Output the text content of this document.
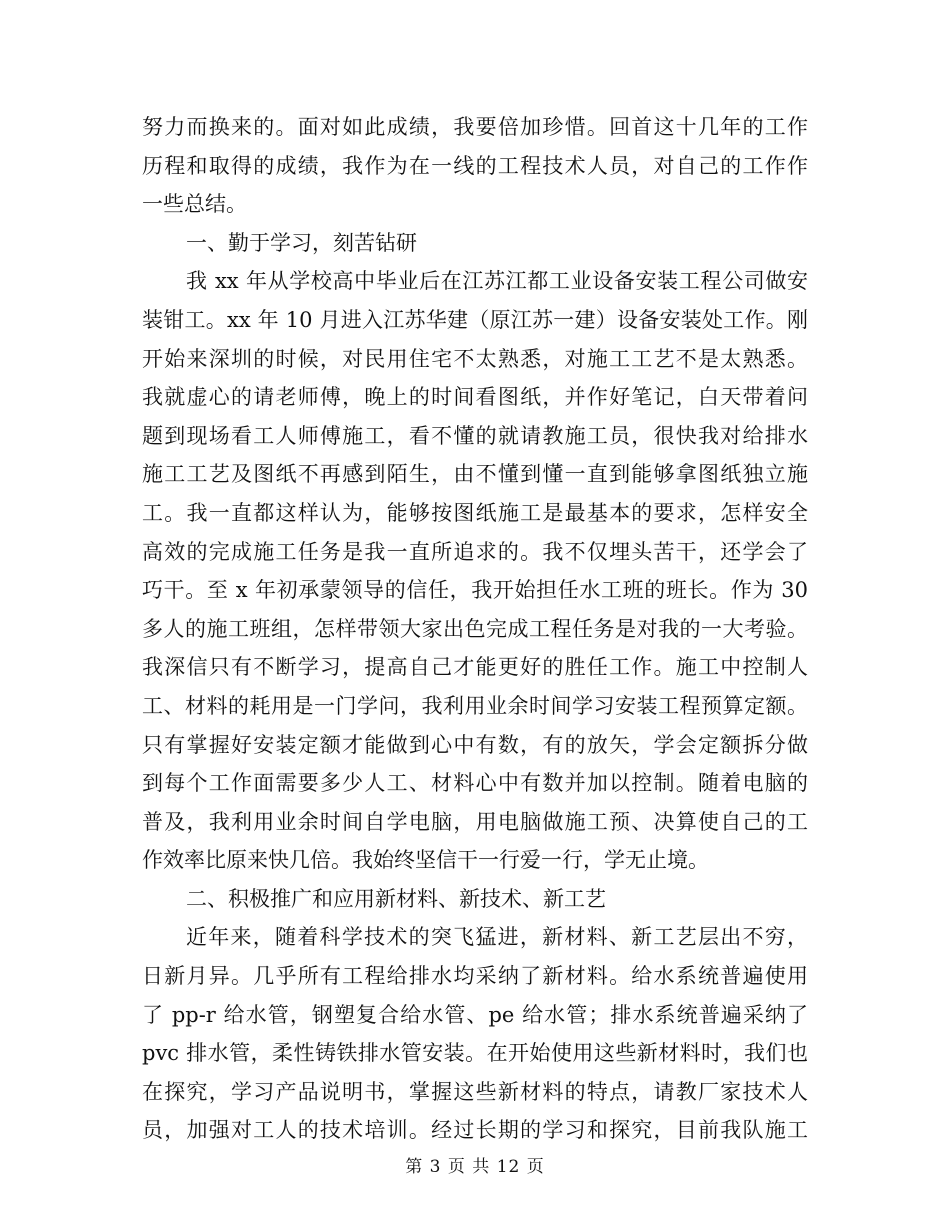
努力而换来的。面对如此成绩，我要倍加珍惜。回首这十几年的工作
历程和取得的成绩，我作为在一线的工程技术人员，对自己的工作作
一些总结。
一、勤于学习，刻苦钻研
我 xx 年从学校高中毕业后在江苏江都工业设备安装工程公司做安
装钳工。xx 年 10 月进入江苏华建（原江苏一建）设备安装处工作。刚
开始来深圳的时候，对民用住宅不太熟悉，对施工工艺不是太熟悉。
我就虚心的请老师傅，晚上的时间看图纸，并作好笔记，白天带着问
题到现场看工人师傅施工，看不懂的就请教施工员，很快我对给排水
施工工艺及图纸不再感到陌生，由不懂到懂一直到能够拿图纸独立施
工。我一直都这样认为，能够按图纸施工是最基本的要求，怎样安全
高效的完成施工任务是我一直所追求的。我不仅埋头苦干，还学会了
巧干。至 x 年初承蒙领导的信任，我开始担任水工班的班长。作为 30
多人的施工班组，怎样带领大家出色完成工程任务是对我的一大考验。
我深信只有不断学习，提高自己才能更好的胜任工作。施工中控制人
工、材料的耗用是一门学问，我利用业余时间学习安装工程预算定额。
只有掌握好安装定额才能做到心中有数，有的放矢，学会定额拆分做
到每个工作面需要多少人工、材料心中有数并加以控制。随着电脑的
普及，我利用业余时间自学电脑，用电脑做施工预、决算使自己的工
作效率比原来快几倍。我始终坚信干一行爱一行，学无止境。
二、积极推广和应用新材料、新技术、新工艺
近年来，随着科学技术的突飞猛进，新材料、新工艺层出不穷，
日新月异。几乎所有工程给排水均采纳了新材料。给水系统普遍使用
了 pp-r 给水管，钢塑复合给水管、pe 给水管；排水系统普遍采纳了
pvc 排水管，柔性铸铁排水管安装。在开始使用这些新材料时，我们也
在探究，学习产品说明书，掌握这些新材料的特点，请教厂家技术人
员，加强对工人的技术培训。经过长期的学习和探究，目前我队施工
第 3 页 共 12 页
